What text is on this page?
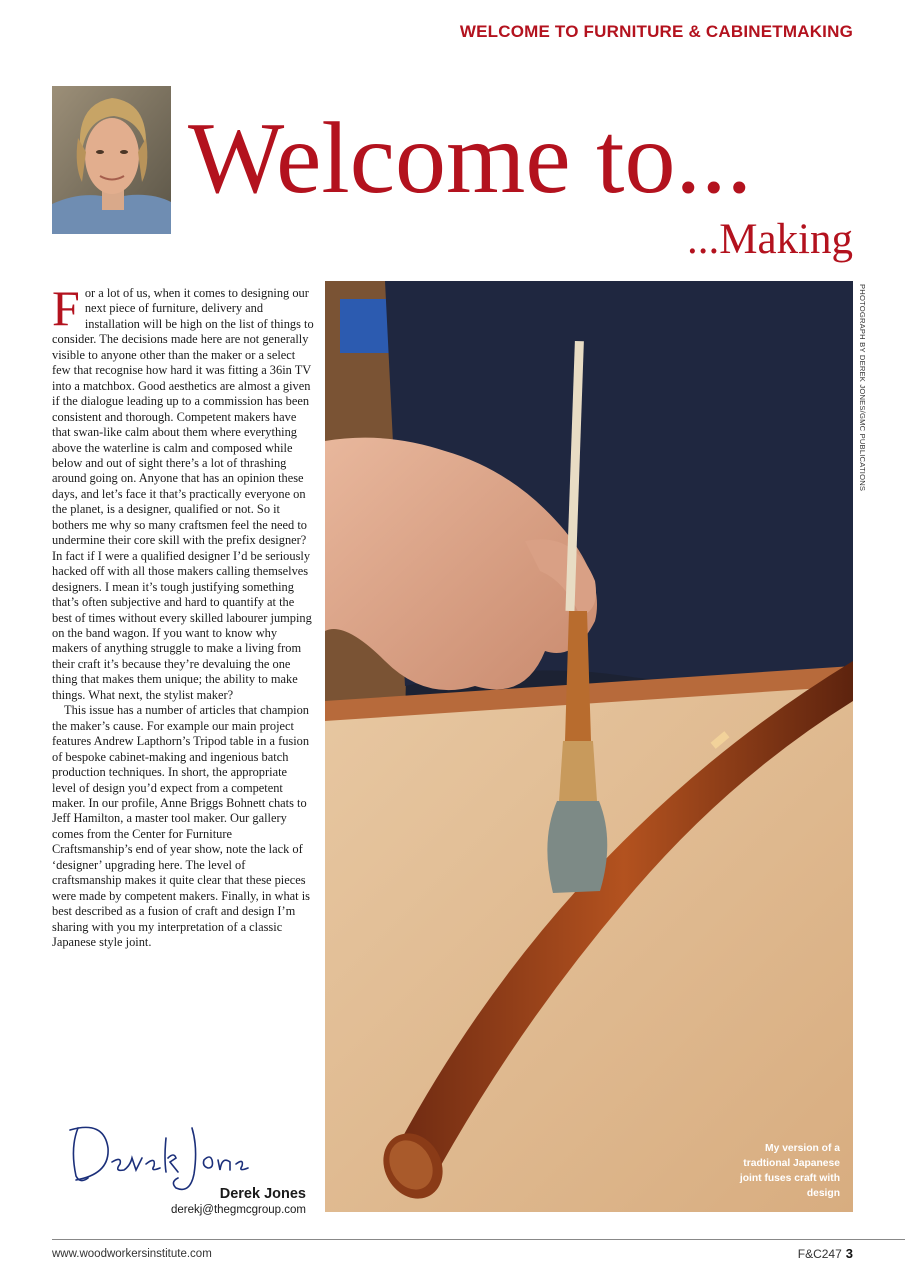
WELCOME TO FURNITURE & CABINETMAKING
Welcome to...
...Making

For a lot of us, when it comes to designing our next piece of furniture, delivery and installation will be high on the list of things to consider. The decisions made here are not generally visible to anyone other than the maker or a select few that recognise how hard it was fitting a 36in TV into a matchbox. Good aesthetics are almost a given if the dialogue leading up to a commission has been consistent and thorough. Competent makers have that swan-like calm about them where everything above the waterline is calm and composed while below and out of sight there’s a lot of thrashing around going on. Anyone that has an opinion these days, and let’s face it that’s practically everyone on the planet, is a designer, qualified or not. So it bothers me why so many craftsmen feel the need to undermine their core skill with the prefix designer? In fact if I were a qualified designer I’d be seriously hacked off with all those makers calling themselves designers. I mean it’s tough justifying something that’s often subjective and hard to quantify at the best of times without every skilled labourer jumping on the band wagon. If you want to know why makers of anything struggle to make a living from their craft it’s because they’re devaluing the one thing that makes them unique; the ability to make things. What next, the stylist maker?

This issue has a number of articles that champion the maker’s cause. For example our main project features Andrew Lapthorn’s Tripod table in a fusion of bespoke cabinet-making and ingenious batch production techniques. In short, the appropriate level of design you’d expect from a competent maker. In our profile, Anne Briggs Bohnett chats to Jeff Hamilton, a master tool maker. Our gallery comes from the Center for Furniture Craftsmanship’s end of year show, note the lack of ‘designer’ upgrading here. The level of craftsmanship makes it quite clear that these pieces were made by competent makers. Finally, in what is best described as a fusion of craft and design I’m sharing with you my interpretation of a classic Japanese style joint.

PHOTOGRAPH BY DEREK JONES/GMC PUBLICATIONS
My version of a tradtional Japanese joint fuses craft with design
Derek Jones
derekj@thegmcgroup.com
www.woodworkersinstitute.com	F&C247 3
